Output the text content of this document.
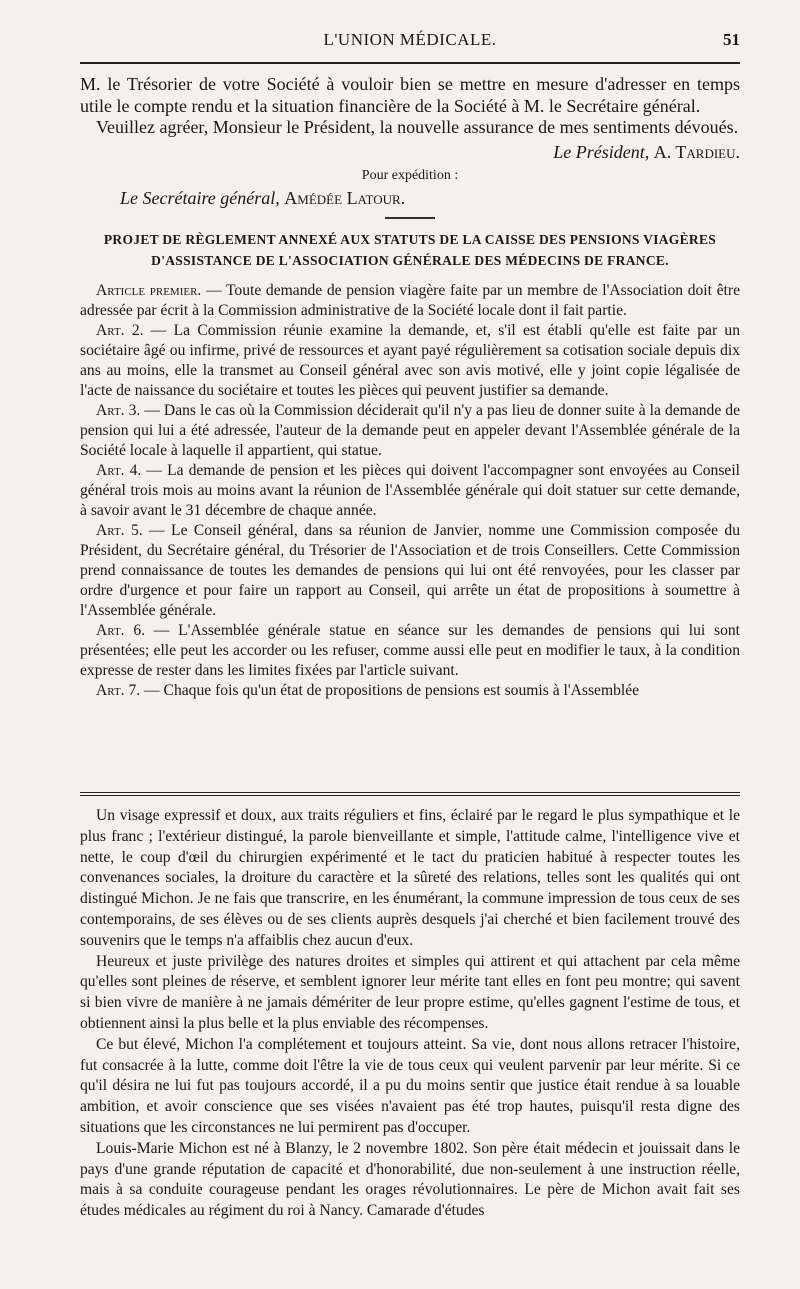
L'UNION MÉDICALE.	51

M. le Trésorier de votre Société à vouloir bien se mettre en mesure d'adresser en temps utile le compte rendu et la situation financière de la Société à M. le Secrétaire général.

Veuillez agréer, Monsieur le Président, la nouvelle assurance de mes sentiments dévoués.

Le Président, A. Tardieu.
Pour expédition :
Le Secrétaire général, Amédée Latour.
PROJET DE RÈGLEMENT ANNEXÉ AUX STATUTS DE LA CAISSE DES PENSIONS VIAGÈRES
D'ASSISTANCE DE L'ASSOCIATION GÉNÉRALE DES MÉDECINS DE FRANCE.

Article premier. — Toute demande de pension viagère faite par un membre de l'Association doit être adressée par écrit à la Commission administrative de la Société locale dont il fait partie.

Art. 2. — La Commission réunie examine la demande, et, s'il est établi qu'elle est faite par un sociétaire âgé ou infirme, privé de ressources et ayant payé régulièrement sa cotisation sociale depuis dix ans au moins, elle la transmet au Conseil général avec son avis motivé, elle y joint copie légalisée de l'acte de naissance du sociétaire et toutes les pièces qui peuvent justifier sa demande.

Art. 3. — Dans le cas où la Commission déciderait qu'il n'y a pas lieu de donner suite à la demande de pension qui lui a été adressée, l'auteur de la demande peut en appeler devant l'Assemblée générale de la Société locale à laquelle il appartient, qui statue.

Art. 4. — La demande de pension et les pièces qui doivent l'accompagner sont envoyées au Conseil général trois mois au moins avant la réunion de l'Assemblée générale qui doit statuer sur cette demande, à savoir avant le 31 décembre de chaque année.

Art. 5. — Le Conseil général, dans sa réunion de Janvier, nomme une Commission composée du Président, du Secrétaire général, du Trésorier de l'Association et de trois Conseillers. Cette Commission prend connaissance de toutes les demandes de pensions qui lui ont été renvoyées, pour les classer par ordre d'urgence et pour faire un rapport au Conseil, qui arrête un état de propositions à soumettre à l'Assemblée générale.

Art. 6. — L'Assemblée générale statue en séance sur les demandes de pensions qui lui sont présentées; elle peut les accorder ou les refuser, comme aussi elle peut en modifier le taux, à la condition expresse de rester dans les limites fixées par l'article suivant.

Art. 7. — Chaque fois qu'un état de propositions de pensions est soumis à l'Assemblée

Un visage expressif et doux, aux traits réguliers et fins, éclairé par le regard le plus sympathique et le plus franc ; l'extérieur distingué, la parole bienveillante et simple, l'attitude calme, l'intelligence vive et nette, le coup d'œil du chirurgien expérimenté et le tact du praticien habitué à respecter toutes les convenances sociales, la droiture du caractère et la sûreté des relations, telles sont les qualités qui ont distingué Michon. Je ne fais que transcrire, en les énumérant, la commune impression de tous ceux de ses contemporains, de ses élèves ou de ses clients auprès desquels j'ai cherché et bien facilement trouvé des souvenirs que le temps n'a affaiblis chez aucun d'eux.

Heureux et juste privilège des natures droites et simples qui attirent et qui attachent par cela même qu'elles sont pleines de réserve, et semblent ignorer leur mérite tant elles en font peu montre; qui savent si bien vivre de manière à ne jamais démériter de leur propre estime, qu'elles gagnent l'estime de tous, et obtiennent ainsi la plus belle et la plus enviable des récompenses.

Ce but élevé, Michon l'a complétement et toujours atteint. Sa vie, dont nous allons retracer l'histoire, fut consacrée à la lutte, comme doit l'être la vie de tous ceux qui veulent parvenir par leur mérite. Si ce qu'il désira ne lui fut pas toujours accordé, il a pu du moins sentir que justice était rendue à sa louable ambition, et avoir conscience que ses visées n'avaient pas été trop hautes, puisqu'il resta digne des situations que les circonstances ne lui permirent pas d'occuper.

Louis-Marie Michon est né à Blanzy, le 2 novembre 1802. Son père était médecin et jouissait dans le pays d'une grande réputation de capacité et d'honorabilité, due non-seulement à une instruction réelle, mais à sa conduite courageuse pendant les orages révolutionnaires. Le père de Michon avait fait ses études médicales au régiment du roi à Nancy. Camarade d'études
